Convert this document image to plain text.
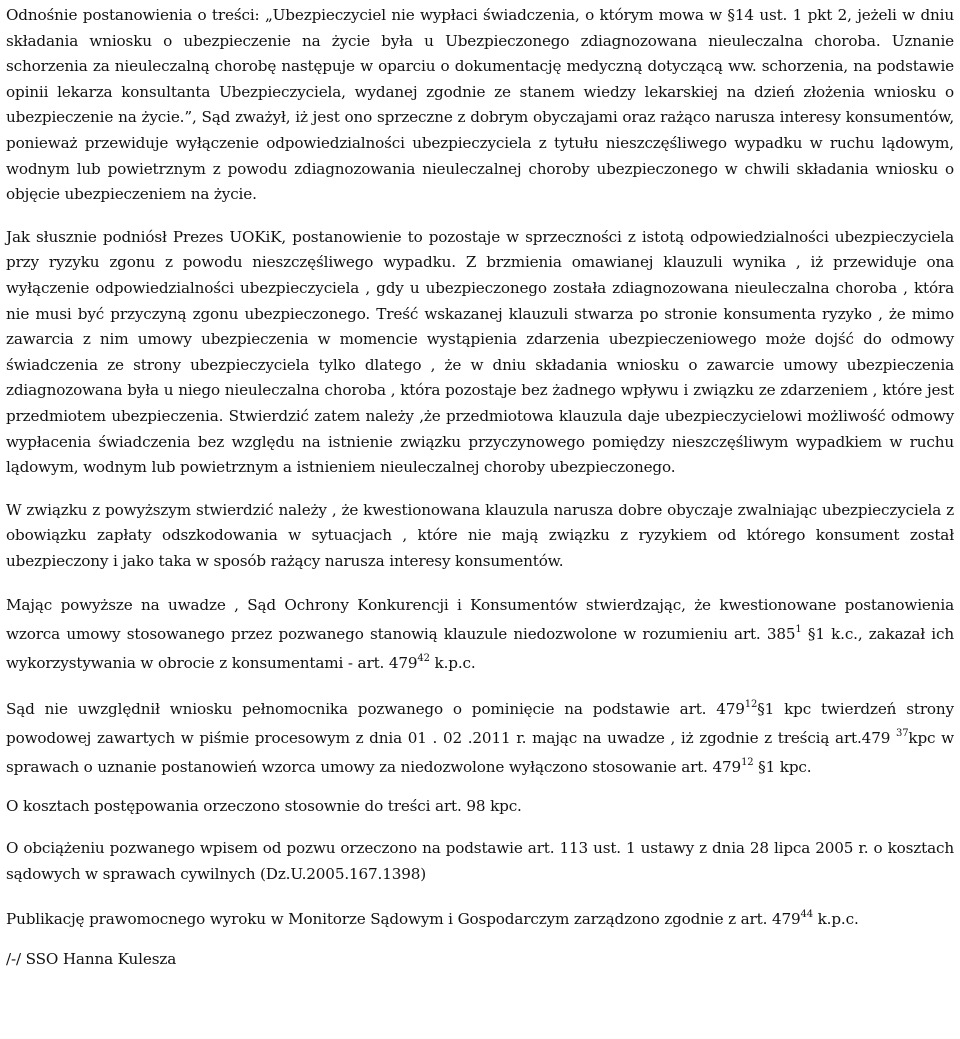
Odnośnie postanowienia o treści: „Ubezpieczyciel nie wypłaci świadczenia, o którym mowa w §14 ust. 1 pkt 2, jeżeli w dniu składania wniosku o ubezpieczenie na życie była u Ubezpieczonego zdiagnozowana nieuleczalna choroba. Uznanie schorzenia za nieuleczalną chorobę następuje w oparciu o dokumentację medyczną dotyczącą ww. schorzenia, na podstawie opinii lekarza konsultanta Ubezpieczyciela, wydanej zgodnie ze stanem wiedzy lekarskiej na dzień złożenia wniosku o ubezpieczenie na życie.”, Sąd zważył, iż jest ono sprzeczne z dobrym obyczajami oraz rażąco narusza interesy konsumentów, ponieważ przewiduje wyłączenie odpowiedzialności ubezpieczyciela z tytułu nieszczęśliwego wypadku w ruchu lądowym, wodnym lub powietrznym z powodu zdiagnozowania nieuleczalnej choroby ubezpieczonego w chwili składania wniosku o objęcie ubezpieczeniem na życie.

Jak słusznie podniósł Prezes UOKiK, postanowienie to pozostaje w sprzeczności z istotą odpowiedzialności ubezpieczyciela przy ryzyku zgonu z powodu nieszczęśliwego wypadku. Z brzmienia omawianej klauzuli wynika , iż przewiduje ona wyłączenie odpowiedzialności ubezpieczyciela , gdy u ubezpieczonego została zdiagnozowana nieuleczalna choroba , która nie musi być przyczyną zgonu ubezpieczonego. Treść wskazanej klauzuli stwarza po stronie konsumenta ryzyko , że mimo zawarcia z nim umowy ubezpieczenia w momencie wystąpienia zdarzenia ubezpieczeniowego może dojść do odmowy świadczenia ze strony ubezpieczyciela tylko dlatego , że w dniu składania wniosku o zawarcie umowy ubezpieczenia zdiagnozowana była u niego nieuleczalna choroba , która pozostaje bez żadnego wpływu i związku ze zdarzeniem , które jest przedmiotem ubezpieczenia. Stwierdzić zatem należy ,że przedmiotowa klauzula daje ubezpieczycielowi możliwość odmowy wypłacenia świadczenia bez względu na istnienie związku przyczynowego pomiędzy nieszczęśliwym wypadkiem w ruchu lądowym, wodnym lub powietrznym a istnieniem nieuleczalnej choroby ubezpieczonego.

W związku z powyższym stwierdzić należy , że kwestionowana klauzula narusza dobre obyczaje zwalniając ubezpieczyciela z obowiązku zapłaty odszkodowania w sytuacjach , które nie mają związku z ryzykiem od którego konsument został ubezpieczony i jako taka w sposób rażący narusza interesy konsumentów.

Mając powyższe na uwadze , Sąd Ochrony Konkurencji i Konsumentów stwierdzając, że kwestionowane postanowienia wzorca umowy stosowanego przez pozwanego stanowią klauzule niedozwolone w rozumieniu art. $385^1$ §1 k.c., zakazał ich wykorzystywania w obrocie z konsumentami - art. $479^{42}$ k.p.c.

Sąd nie uwzględnił wniosku pełnomocnika pozwanego o pominięcie na podstawie art. $479^{12}\S 1$ kpc twierdzeń strony powodowej zawartych w piśmie procesowym z dnia 01 . 02 .2011 r. mając na uwadze , iż zgodnie z treścią art.479 $^{37}$kpc w sprawach o uznanie postanowień wzorca umowy za niedozwolone wyłączono stosowanie art. $479^{12}$ §1 kpc.

O kosztach postępowania orzeczono stosownie do treści art. 98 kpc.

O obciążeniu pozwanego wpisem od pozwu orzeczono na podstawie art. 113 ust. 1 ustawy z dnia 28 lipca 2005 r. o kosztach sądowych w sprawach cywilnych (Dz.U.2005.167.1398)

Publikację prawomocnego wyroku w Monitorze Sądowym i Gospodarczym zarządzono zgodnie z art. $479^{44}$ k.p.c.

/-/ SSO Hanna Kulesza
